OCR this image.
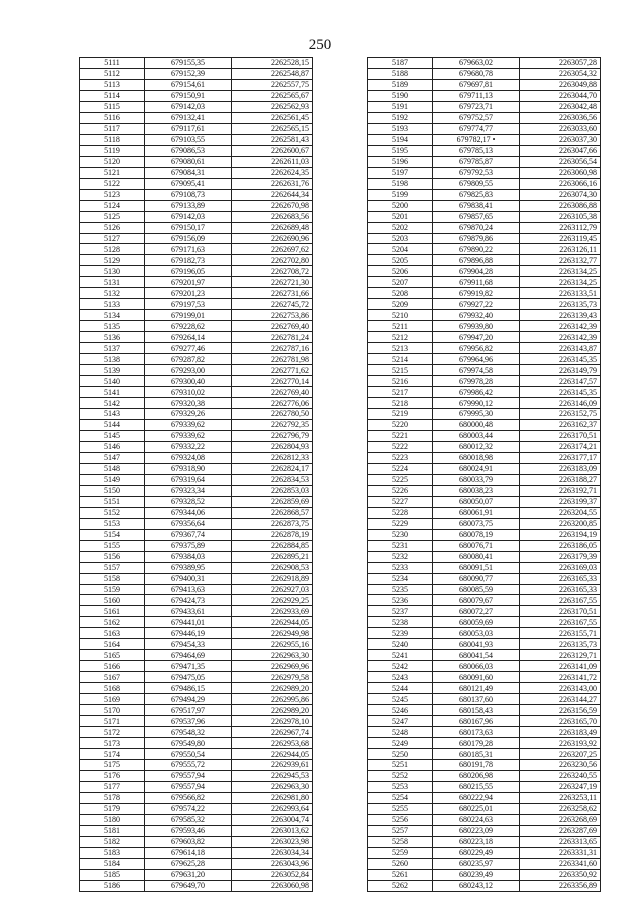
250
5111	679155,35	2262528,15
5112	679152,39	2262548,87
5113	679154,61	2262557,75
5114	679150,91	2262565,67
5115	679142,03	2262562,93
5116	679132,41	2262561,45
5117	679117,61	2262565,15
5118	679103,55	2262581,43
5119	679086,53	2262600,67
5120	679080,61	2262611,03
5121	679084,31	2262624,35
5122	679095,41	2262631,76
5123	679108,73	2262644,34
5124	679133,89	2262670,98
5125	679142,03	2262683,56
5126	679150,17	2262689,48
5127	679156,09	2262690,96
5128	679171,63	2262697,62
5129	679182,73	2262702,80
5130	679196,05	2262708,72
5131	679201,97	2262721,30
5132	679201,23	2262731,66
5133	679197,53	2262745,72
5134	679199,01	2262753,86
5135	679228,62	2262769,40
5136	679264,14	2262781,24
5137	679277,46	2262787,16
5138	679287,82	2262781,98
5139	679293,00	2262771,62
5140	679300,40	2262770,14
5141	679310,02	2262769,40
5142	679320,38	2262776,06
5143	679329,26	2262780,50
5144	679339,62	2262792,35
5145	679339,62	2262796,79
5146	679332,22	2262804,93
5147	679324,08	2262812,33
5148	679318,90	2262824,17
5149	679319,64	2262834,53
5150	679323,34	2262853,03
5151	679328,52	2262859,69
5152	679344,06	2262868,57
5153	679356,64	2262873,75
5154	679367,74	2262878,19
5155	679375,89	2262884,85
5156	679384,03	2262895,21
5157	679389,95	2262908,53
5158	679400,31	2262918,89
5159	679413,63	2262927,03
5160	679424,73	2262929,25
5161	679433,61	2262933,69
5162	679441,01	2262944,05
5163	679446,19	2262949,98
5164	679454,33	2262955,16
5165	679464,69	2262963,30
5166	679471,35	2262969,96
5167	679475,05	2262979,58
5168	679486,15	2262989,20
5169	679494,29	2262995,86
5170	679517,97	2262989,20
5171	679537,96	2262978,10
5172	679548,32	2262967,74
5173	679549,80	2262953,68
5174	679550,54	2262944,05
5175	679555,72	2262939,61
5176	679557,94	2262945,53
5177	679557,94	2262963,30
5178	679566,82	2262981,80
5179	679574,22	2262993,64
5180	679585,32	2263004,74
5181	679593,46	2263013,62
5182	679603,82	2263023,98
5183	679614,18	2263034,34
5184	679625,28	2263043,96
5185	679631,20	2263052,84
5186	679649,70	2263060,98
5187	679663,02	2263057,28
5188	679680,78	2263054,32
5189	679697,81	2263049,88
5190	679711,13	2263044,70
5191	679723,71	2263042,48
5192	679752,57	2263036,56
5193	679774,77	2263033,60
5194	679782,17 •	2263037,30
5195	679785,13	2263047,66
5196	679785,87	2263056,54
5197	679792,53	2263060,98
5198	679809,55	2263066,16
5199	679825,83	2263074,30
5200	679838,41	2263086,88
5201	679857,65	2263105,38
5202	679870,24	2263112,79
5203	679879,86	2263119,45
5204	679890,22	2263126,11
5205	679896,88	2263132,77
5206	679904,28	2263134,25
5207	679911,68	2263134,25
5208	679919,82	2263133,51
5209	679927,22	2263135,73
5210	679932,40	2263139,43
5211	679939,80	2263142,39
5212	679947,20	2263142,39
5213	679956,82	2263143,87
5214	679964,96	2263145,35
5215	679974,58	2263149,79
5216	679978,28	2263147,57
5217	679986,42	2263145,35
5218	679990,12	2263146,09
5219	679995,30	2263152,75
5220	680000,48	2263162,37
5221	680003,44	2263170,51
5222	680012,32	2263174,21
5223	680018,98	2263177,17
5224	680024,91	2263183,09
5225	680033,79	2263188,27
5226	680038,23	2263192,71
5227	680050,07	2263199,37
5228	680061,91	2263204,55
5229	680073,75	2263200,85
5230	680078,19	2263194,19
5231	680076,71	2263186,05
5232	680080,41	2263179,39
5233	680091,51	2263169,03
5234	680090,77	2263165,33
5235	680085,59	2263165,33
5236	680079,67	2263167,55
5237	680072,27	2263170,51
5238	680059,69	2263167,55
5239	680053,03	2263155,71
5240	680041,93	2263135,73
5241	680041,54	2263129,71
5242	680066,03	2263141,09
5243	680091,60	2263141,72
5244	680121,49	2263143,00
5245	680137,60	2263144,27
5246	680158,43	2263156,59
5247	680167,96	2263165,70
5248	680173,63	2263183,49
5249	680179,28	2263193,92
5250	680185,31	2263207,25
5251	680191,78	2263230,56
5252	680206,98	2263240,55
5253	680215,55	2263247,19
5254	680222,94	2263253,11
5255	680225,01	2263258,62
5256	680224,63	2263268,69
5257	680223,09	2263287,69
5258	680223,18	2263313,65
5259	680229,49	2263331,31
5260	680235,97	2263341,60
5261	680239,49	2263350,92
5262	680243,12	2263356,89
